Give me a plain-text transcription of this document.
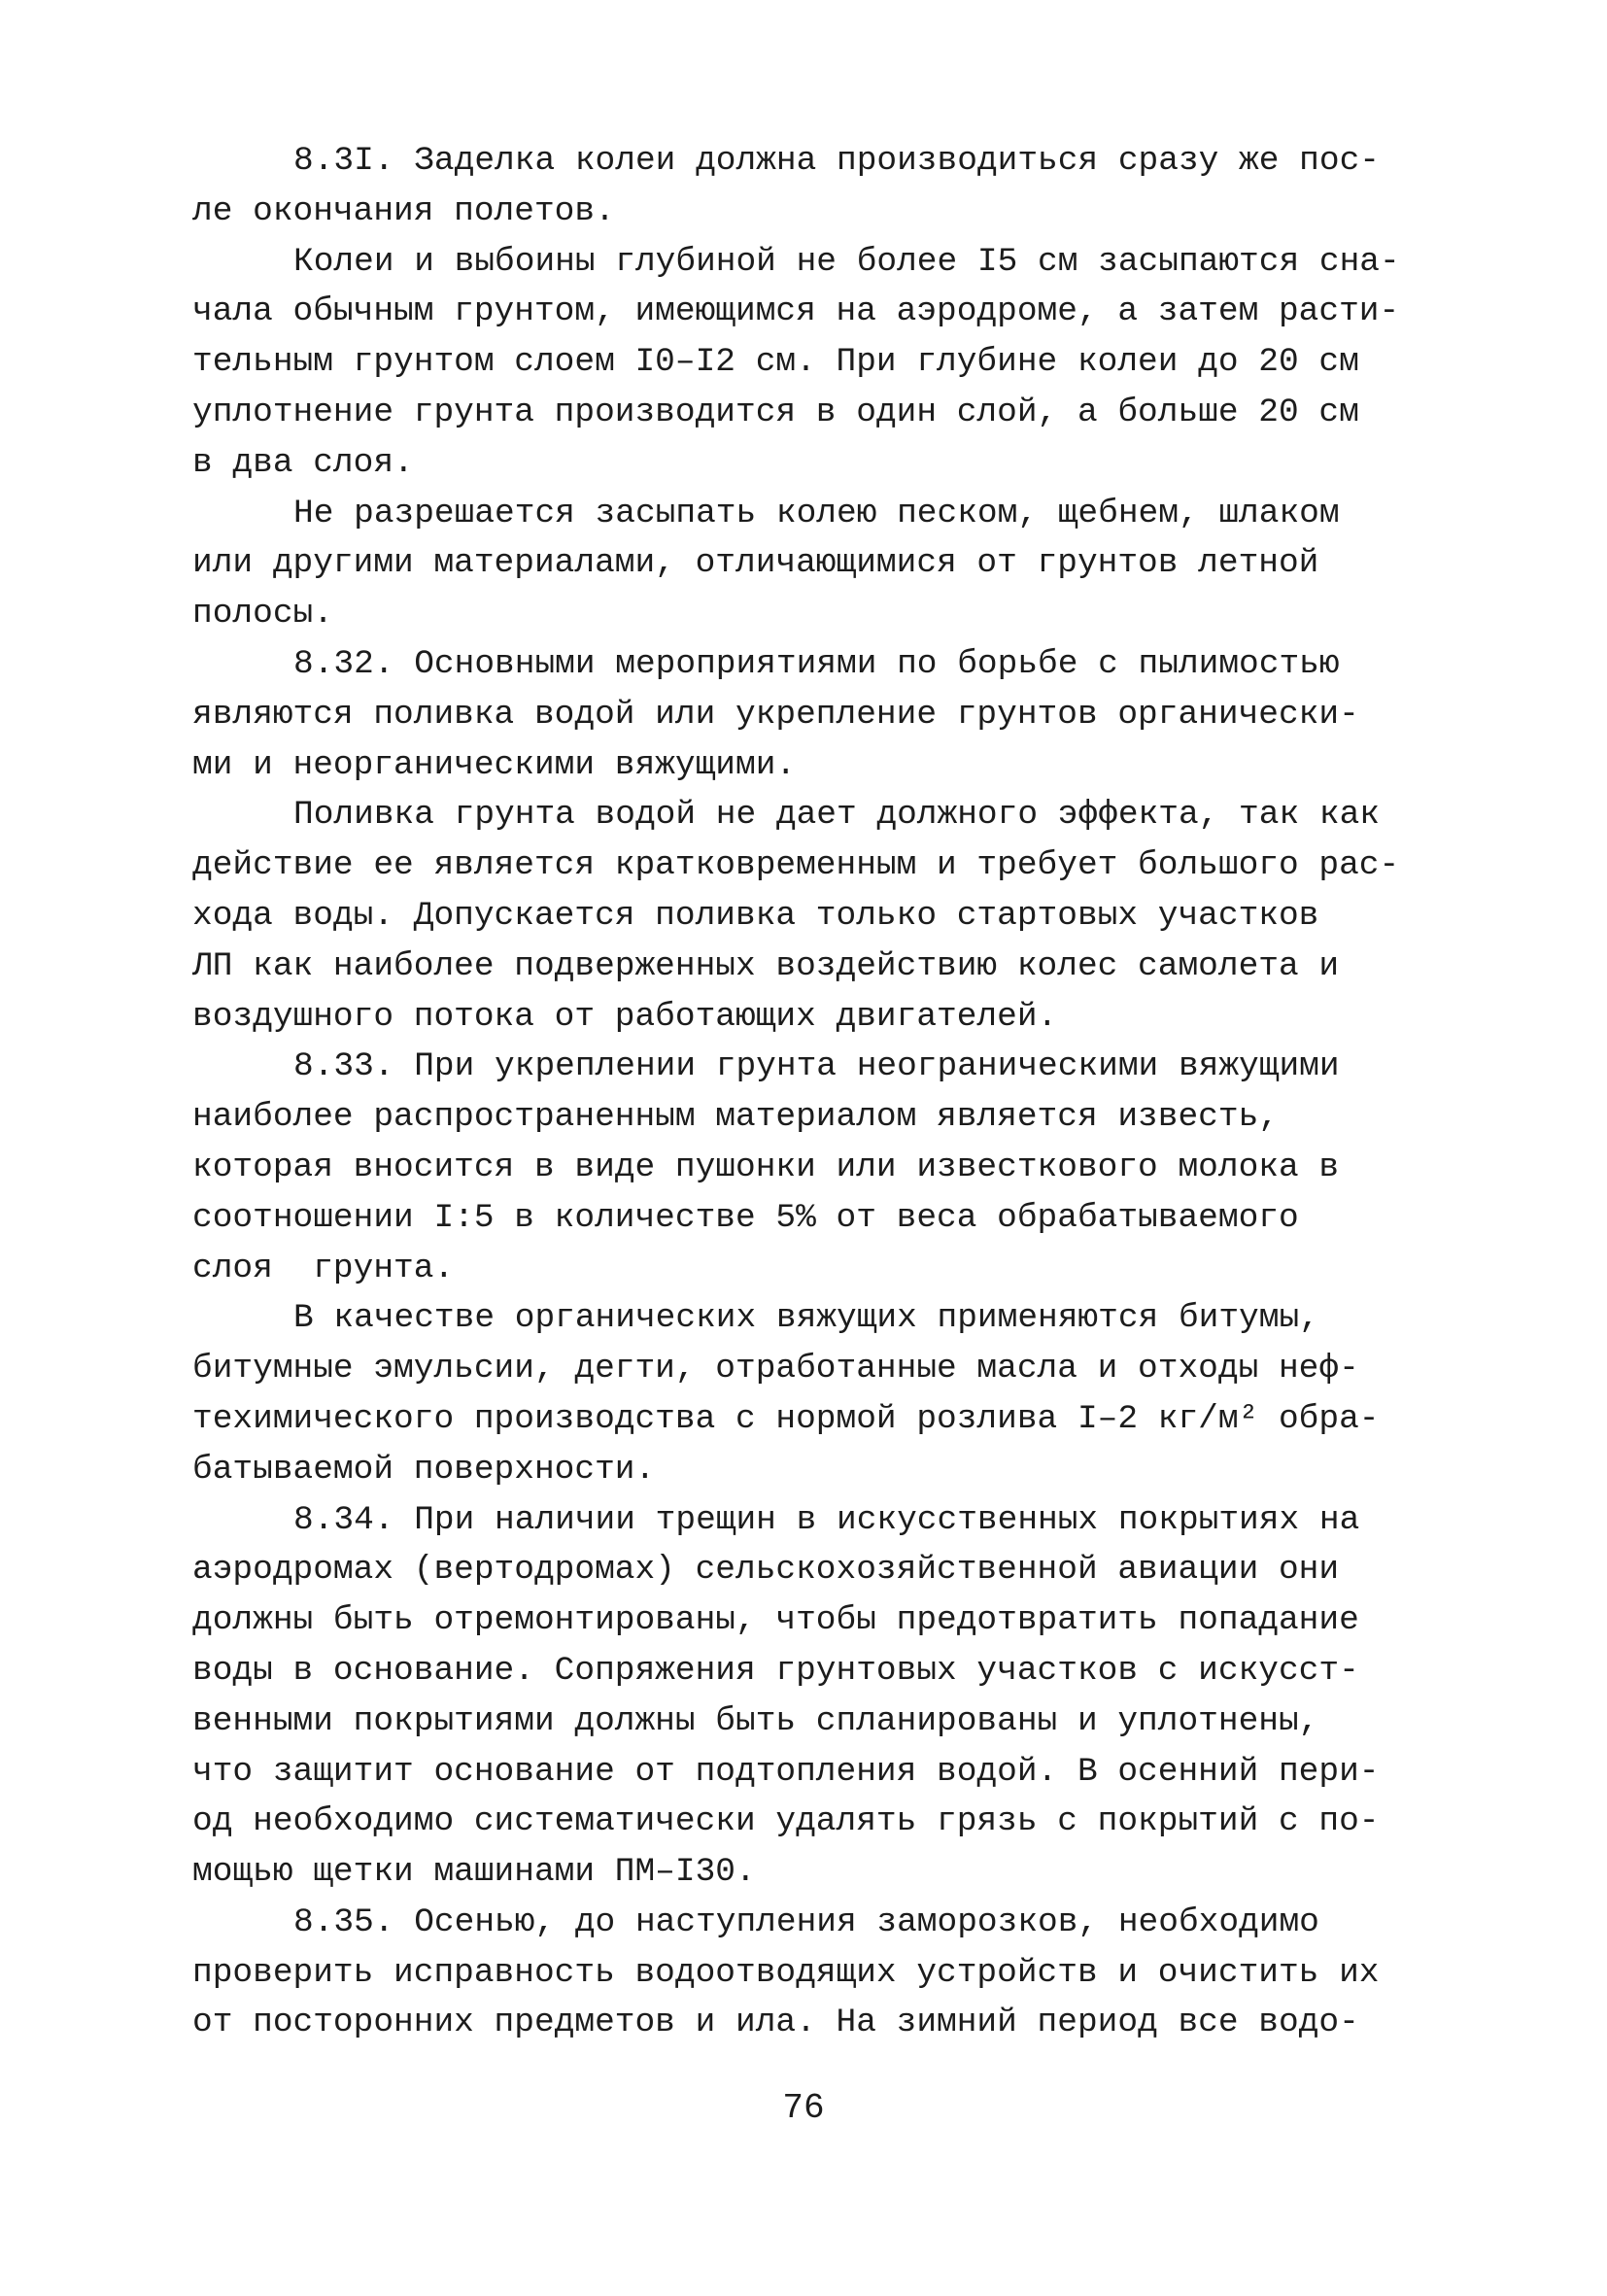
8.3I. Заделка колеи должна производиться сразу же пос-
ле окончания полетов.
Колеи и выбоины глубиной не более I5 см засыпаются сна-
чала обычным грунтом, имеющимся на аэродроме, а затем расти-
тельным грунтом слоем I0–I2 см. При глубине колеи до 20 см
уплотнение грунта производится в один слой, а больше 20 см
в два слоя.
Не разрешается засыпать колею песком, щебнем, шлаком
или другими материалами, отличающимися от грунтов летной
полосы.
8.32. Основными мероприятиями по борьбе с пылимостью
являются поливка водой или укрепление грунтов органически-
ми и неорганическими вяжущими.
Поливка грунта водой не дает должного эффекта, так как
действие ее является кратковременным и требует большого рас-
хода воды. Допускается поливка только стартовых участков
ЛП как наиболее подверженных воздействию колес самолета и
воздушного потока от работающих двигателей.
8.33. При укреплении грунта неограническими вяжущими
наиболее распространенным материалом является известь,
которая вносится в виде пушонки или известкового молока в
соотношении I:5 в количестве 5% от веса обрабатываемого
слоя  грунта.
В качестве органических вяжущих применяются битумы,
битумные эмульсии, дегти, отработанные масла и отходы неф-
техимического производства с нормой розлива I–2 кг/м² обра-
батываемой поверхности.
8.34. При наличии трещин в искусственных покрытиях на
аэродромах (вертодромах) сельскохозяйственной авиации они
должны быть отремонтированы, чтобы предотвратить попадание
воды в основание. Сопряжения грунтовых участков с искусст-
венными покрытиями должны быть спланированы и уплотнены,
что защитит основание от подтопления водой. В осенний пери-
од необходимо систематически удалять грязь с покрытий с по-
мощью щетки машинами ПМ–I30.
8.35. Осенью, до наступления заморозков, необходимо
проверить исправность водоотводящих устройств и очистить их
от посторонних предметов и ила. На зимний период все водо-
76
